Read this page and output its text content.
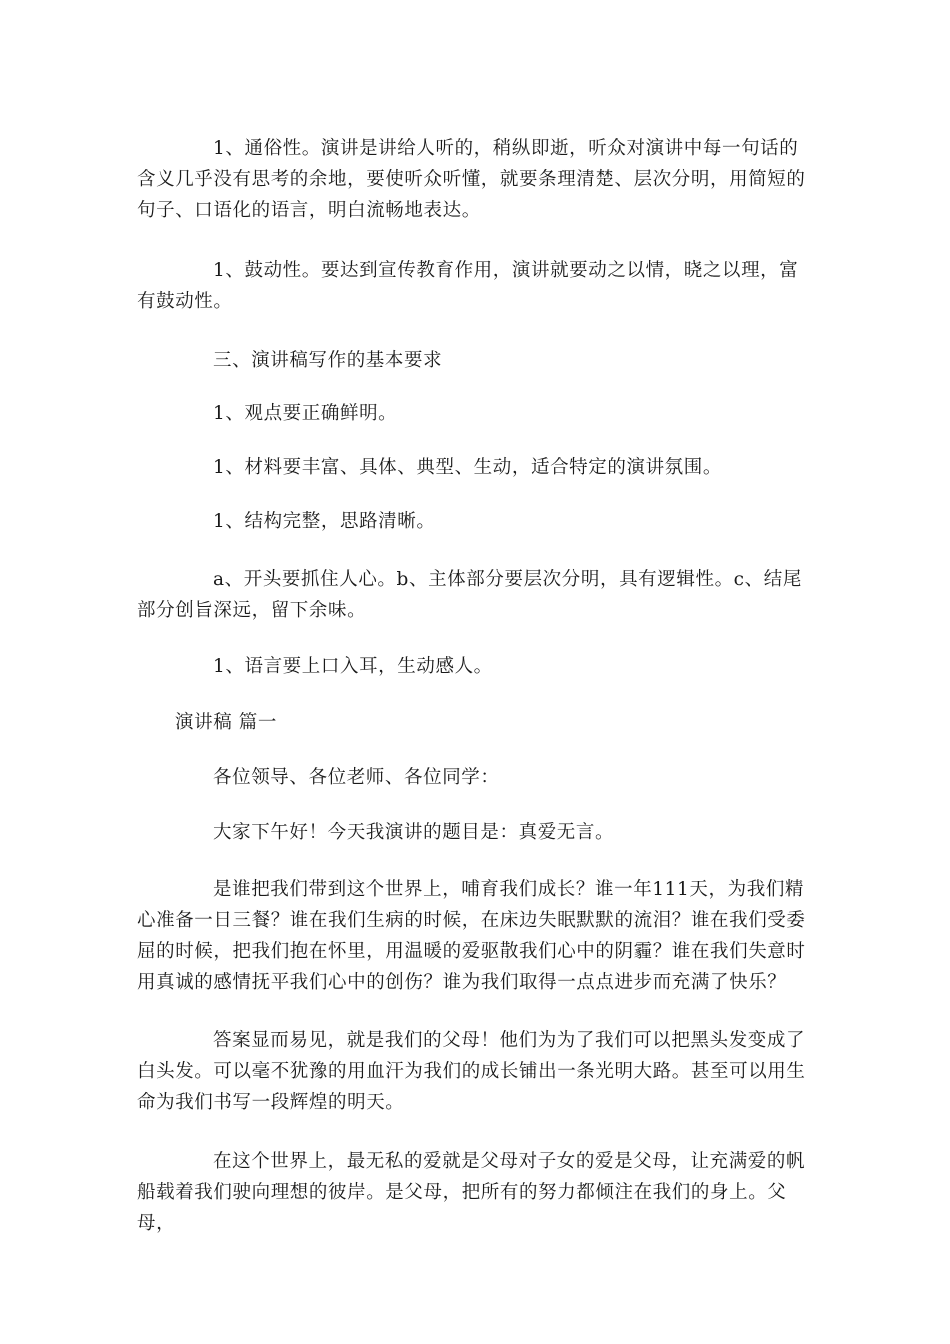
1、通俗性。演讲是讲给人听的，稍纵即逝，听众对演讲中每一句话的含义几乎没有思考的余地，要使听众听懂，就要条理清楚、层次分明，用简短的句子、口语化的语言，明白流畅地表达。

1、鼓动性。要达到宣传教育作用，演讲就要动之以情，晓之以理，富有鼓动性。

三、演讲稿写作的基本要求

1、观点要正确鲜明。

1、材料要丰富、具体、典型、生动，适合特定的演讲氛围。

1、结构完整，思路清晰。

a、开头要抓住人心。b、主体部分要层次分明，具有逻辑性。c、结尾部分创旨深远，留下余味。

1、语言要上口入耳，生动感人。

演讲稿 篇一

各位领导、各位老师、各位同学：

大家下午好！今天我演讲的题目是：真爱无言。

是谁把我们带到这个世界上，哺育我们成长？谁一年111天，为我们精心准备一日三餐？谁在我们生病的时候，在床边失眠默默的流泪？谁在我们受委屈的时候，把我们抱在怀里，用温暖的爱驱散我们心中的阴霾？谁在我们失意时用真诚的感情抚平我们心中的创伤？谁为我们取得一点点进步而充满了快乐？

答案显而易见，就是我们的父母！他们为为了我们可以把黑头发变成了白头发。可以毫不犹豫的用血汗为我们的成长铺出一条光明大路。甚至可以用生命为我们书写一段辉煌的明天。

在这个世界上，最无私的爱就是父母对子女的爱是父母，让充满爱的帆船载着我们驶向理想的彼岸。是父母，把所有的努力都倾注在我们的身上。父母，
